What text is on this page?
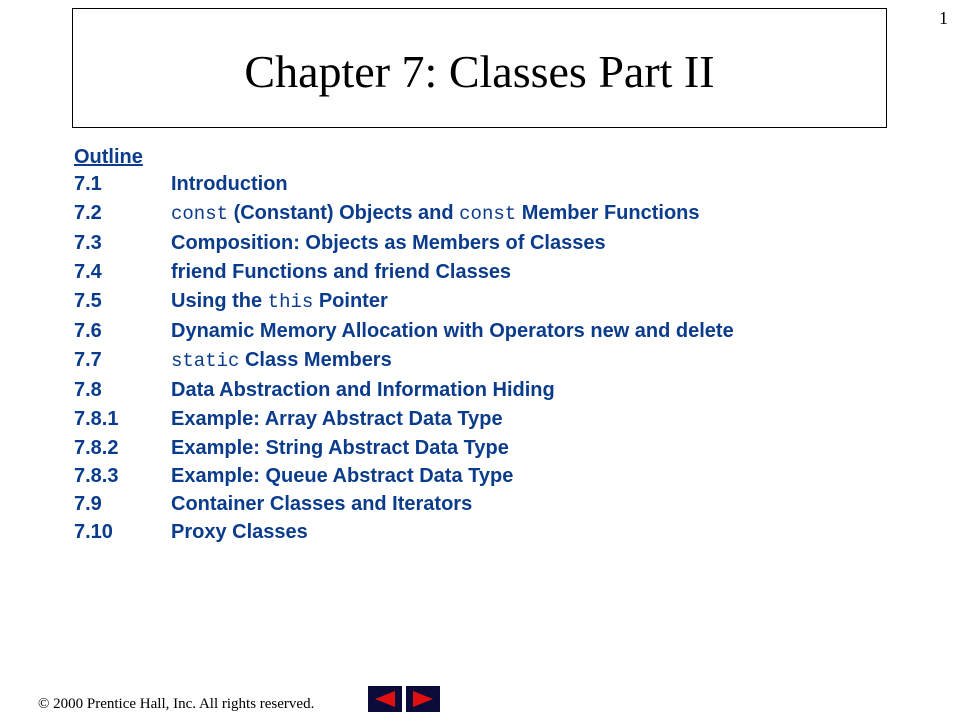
1
Chapter 7: Classes Part II
Outline
7.1	Introduction
7.2	const (Constant) Objects and const Member Functions
7.3	Composition: Objects as Members of Classes
7.4	friend Functions and friend Classes
7.5	Using the this Pointer
7.6	Dynamic Memory Allocation with Operators new and delete
7.7	static Class Members
7.8	Data Abstraction and Information Hiding
7.8.1	Example: Array Abstract Data Type
7.8.2	Example: String Abstract Data Type
7.8.3	Example: Queue Abstract Data Type
7.9	Container Classes and Iterators
7.10	Proxy Classes
© 2000 Prentice Hall, Inc. All rights reserved.
